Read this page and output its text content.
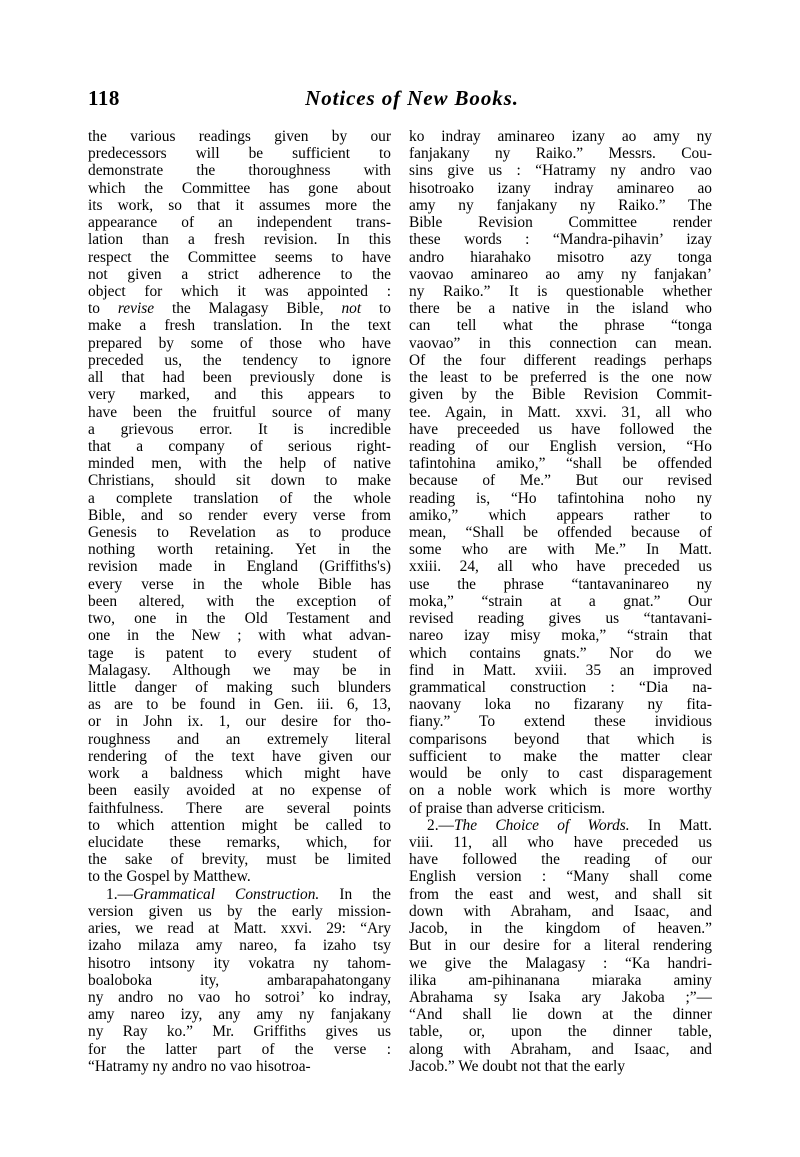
118	Notices of New Books.
the various readings given by our
predecessors will be sufficient to
demonstrate the thoroughness with
which the Committee has gone about
its work, so that it assumes more the
appearance of an independent trans-
lation than a fresh revision. In this
respect the Committee seems to have
not given a strict adherence to the
object for which it was appointed :
to revise the Malagasy Bible, not to
make a fresh translation. In the text
prepared by some of those who have
preceded us, the tendency to ignore
all that had been previously done is
very marked, and this appears to
have been the fruitful source of many
a grievous error. It is incredible
that a company of serious right-
minded men, with the help of native
Christians, should sit down to make
a complete translation of the whole
Bible, and so render every verse from
Genesis to Revelation as to produce
nothing worth retaining. Yet in the
revision made in England (Griffiths's)
every verse in the whole Bible has
been altered, with the exception of
two, one in the Old Testament and
one in the New ; with what advan-
tage is patent to every student of
Malagasy. Although we may be in
little danger of making such blunders
as are to be found in Gen. iii. 6, 13,
or in John ix. 1, our desire for tho-
roughness and an extremely literal
rendering of the text have given our
work a baldness which might have
been easily avoided at no expense of
faithfulness. There are several points
to which attention might be called to
elucidate these remarks, which, for
the sake of brevity, must be limited
to the Gospel by Matthew.
1.—Grammatical Construction. In the
version given us by the early mission-
aries, we read at Matt. xxvi. 29: “Ary
izaho milaza amy nareo, fa izaho tsy
hisotro intsony ity vokatra ny tahom-
boaloboka ity, ambarapahatongany
ny andro no vao ho sotroi’ ko indray,
amy nareo izy, any amy ny fanjakany
ny Ray ko.” Mr. Griffiths gives us
for the latter part of the verse :
“Hatramy ny andro no vao hisotroa-
ko indray aminareo izany ao amy ny
fanjakany ny Raiko.” Messrs. Cou-
sins give us : “Hatramy ny andro vao
hisotroako izany indray aminareo ao
amy ny fanjakany ny Raiko.” The
Bible Revision Committee render
these words : “Mandra-pihavin’ izay
andro hiarahako misotro azy tonga
vaovao aminareo ao amy ny fanjakan’
ny Raiko.” It is questionable whether
there be a native in the island who
can tell what the phrase “tonga
vaovao” in this connection can mean.
Of the four different readings perhaps
the least to be preferred is the one now
given by the Bible Revision Commit-
tee. Again, in Matt. xxvi. 31, all who
have preceeded us have followed the
reading of our English version, “Ho
tafintohina amiko,” “shall be offended
because of Me.” But our revised
reading is, “Ho tafintohina noho ny
amiko,” which appears rather to
mean, “Shall be offended because of
some who are with Me.” In Matt.
xxiii. 24, all who have preceded us
use the phrase “tantavaninareo ny
moka,” “strain at a gnat.” Our
revised reading gives us “tantavani-
nareo izay misy moka,” “strain that
which contains gnats.” Nor do we
find in Matt. xviii. 35 an improved
grammatical construction : “Dia na-
naovany loka no fizarany ny fita-
fiany.” To extend these invidious
comparisons beyond that which is
sufficient to make the matter clear
would be only to cast disparagement
on a noble work which is more worthy
of praise than adverse criticism.
2.—The Choice of Words. In Matt.
viii. 11, all who have preceded us
have followed the reading of our
English version : “Many shall come
from the east and west, and shall sit
down with Abraham, and Isaac, and
Jacob, in the kingdom of heaven.”
But in our desire for a literal rendering
we give the Malagasy : “Ka handri-
ilika am-pihinanana miaraka aminy
Abrahama sy Isaka ary Jakoba ;”—
“And shall lie down at the dinner
table, or, upon the dinner table,
along with Abraham, and Isaac, and
Jacob.” We doubt not that the early
